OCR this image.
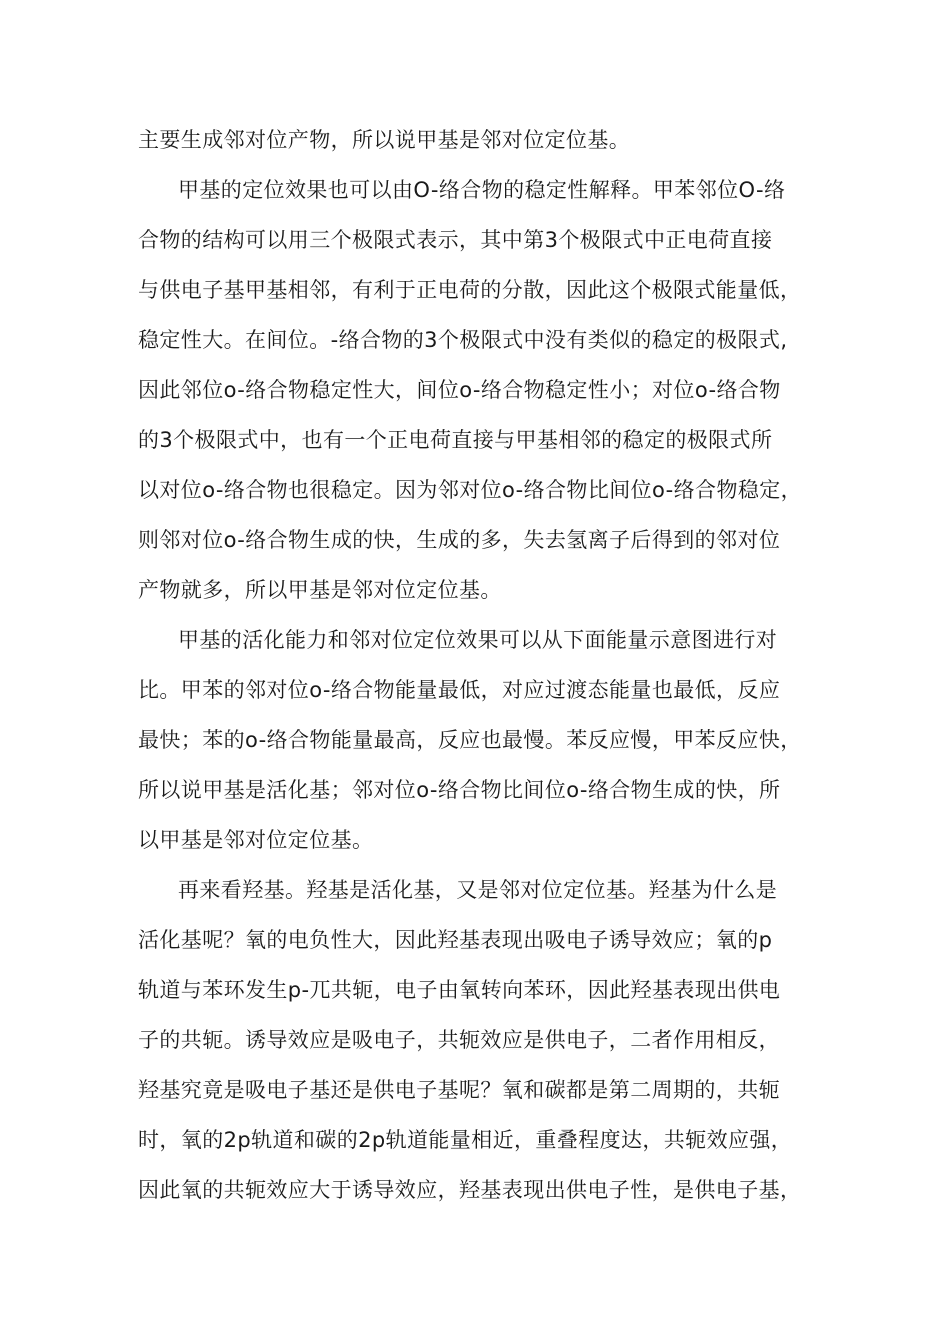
主要生成邻对位产物，所以说甲基是邻对位定位基。
甲基的定位效果也可以由O-络合物的稳定性解释。甲苯邻位O-络
合物的结构可以用三个极限式表示，其中第3个极限式中正电荷直接
与供电子基甲基相邻，有利于正电荷的分散，因此这个极限式能量低，
稳定性大。在间位。-络合物的3个极限式中没有类似的稳定的极限式,
因此邻位o-络合物稳定性大，间位o-络合物稳定性小；对位o-络合物
的3个极限式中，也有一个正电荷直接与甲基相邻的稳定的极限式所
以对位o-络合物也很稳定。因为邻对位o-络合物比间位o-络合物稳定，
则邻对位o-络合物生成的快，生成的多，失去氢离子后得到的邻对位
产物就多，所以甲基是邻对位定位基。
甲基的活化能力和邻对位定位效果可以从下面能量示意图进行对
比。甲苯的邻对位o-络合物能量最低，对应过渡态能量也最低，反应
最快；苯的o-络合物能量最高，反应也最慢。苯反应慢，甲苯反应快，
所以说甲基是活化基；邻对位o-络合物比间位o-络合物生成的快，所
以甲基是邻对位定位基。
再来看羟基。羟基是活化基，又是邻对位定位基。羟基为什么是
活化基呢？氧的电负性大，因此羟基表现出吸电子诱导效应；氧的p
轨道与苯环发生p-兀共轭，电子由氧转向苯环，因此羟基表现出供电
子的共轭。诱导效应是吸电子，共轭效应是供电子，二者作用相反，
羟基究竟是吸电子基还是供电子基呢？氧和碳都是第二周期的，共轭
时，氧的2p轨道和碳的2p轨道能量相近，重叠程度达，共轭效应强，
因此氧的共轭效应大于诱导效应，羟基表现出供电子性，是供电子基，
